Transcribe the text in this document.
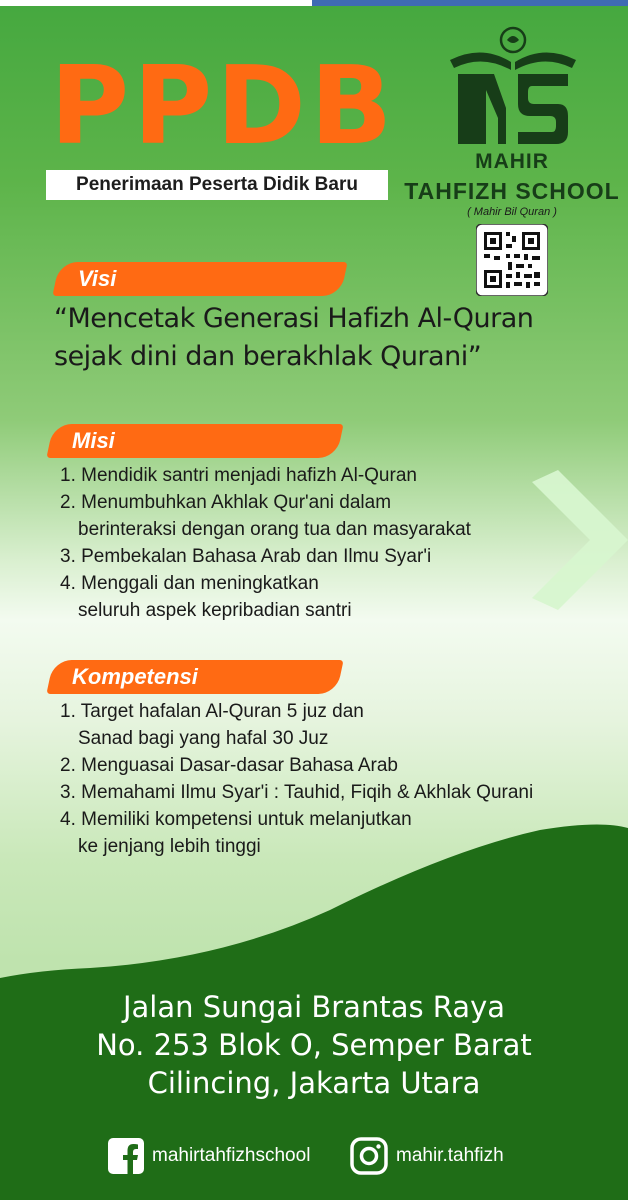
PPDB
Penerimaan Peserta Didik Baru
MAHIR
TAHFIZH SCHOOL
( Mahir Bil Quran )
Visi
“Mencetak Generasi Hafizh Al-Quran
sejak dini dan berakhlak Qurani”
Misi
1. Mendidik santri menjadi hafizh Al-Quran
2. Menumbuhkan Akhlak Qur'ani dalam
berinteraksi dengan orang tua dan masyarakat
3. Pembekalan Bahasa Arab dan Ilmu Syar'i
4. Menggali dan meningkatkan
seluruh aspek kepribadian santri
Kompetensi
1. Target hafalan Al-Quran 5 juz dan
Sanad bagi yang hafal 30 Juz
2. Menguasai Dasar-dasar Bahasa Arab
3. Memahami Ilmu Syar'i : Tauhid, Fiqih & Akhlak Qurani
4. Memiliki kompetensi untuk melanjutkan
ke jenjang lebih tinggi
Jalan Sungai Brantas Raya
No. 253 Blok O, Semper Barat
Cilincing, Jakarta Utara
mahirtahfizhschool	mahir.tahfizh
